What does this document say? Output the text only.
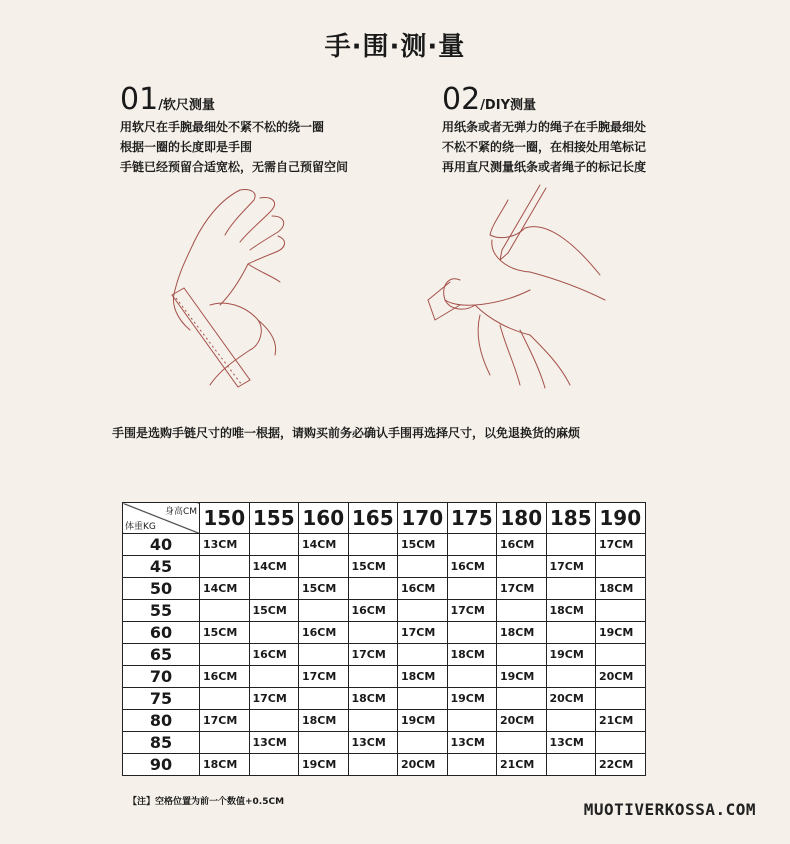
手·围·测·量
01/软尺测量
用软尺在手腕最细处不紧不松的绕一圈
根据一圈的长度即是手围
手链已经预留合适宽松，无需自己预留空间
02/DIY测量
用纸条或者无弹力的绳子在手腕最细处
不松不紧的绕一圈，在相接处用笔标记
再用直尺测量纸条或者绳子的标记长度
手围是选购手链尺寸的唯一根据，请购买前务必确认手围再选择尺寸，以免退换货的麻烦
身高CM
体重KG	150	155	160	165	170	175	180	185	190
40	13CM		14CM		15CM		16CM		17CM
45		14CM		15CM		16CM		17CM	
50	14CM		15CM		16CM		17CM		18CM
55		15CM		16CM		17CM		18CM	
60	15CM		16CM		17CM		18CM		19CM
65		16CM		17CM		18CM		19CM	
70	16CM		17CM		18CM		19CM		20CM
75		17CM		18CM		19CM		20CM	
80	17CM		18CM		19CM		20CM		21CM
85		13CM		13CM		13CM		13CM	
90	18CM		19CM		20CM		21CM		22CM
【注】空格位置为前一个数值+0.5CM	MUOTIVERKOSSA.COM
